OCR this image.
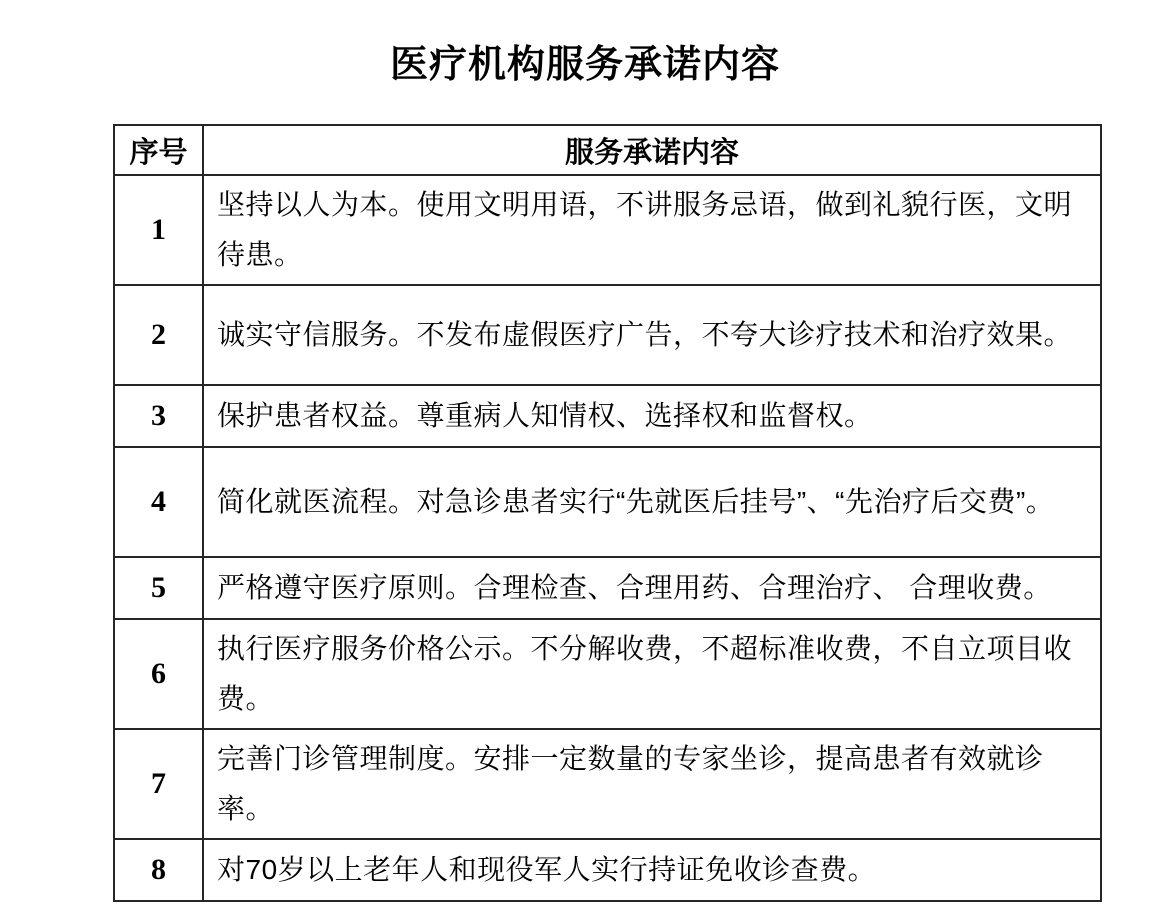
医疗机构服务承诺内容
序号	服务承诺内容
1	坚持以人为本。使用文明用语，不讲服务忌语，做到礼貌行医，文明待患。
2	诚实守信服务。不发布虚假医疗广告，不夸大诊疗技术和治疗效果。
3	保护患者权益。尊重病人知情权、选择权和监督权。
4	简化就医流程。对急诊患者实行“先就医后挂号”、“先治疗后交费”。
5	严格遵守医疗原则。合理检查、合理用药、合理治疗、 合理收费。
6	执行医疗服务价格公示。不分解收费，不超标准收费，不自立项目收费。
7	完善门诊管理制度。安排一定数量的专家坐诊，提高患者有效就诊率。
8	对70岁以上老年人和现役军人实行持证免收诊查费。
